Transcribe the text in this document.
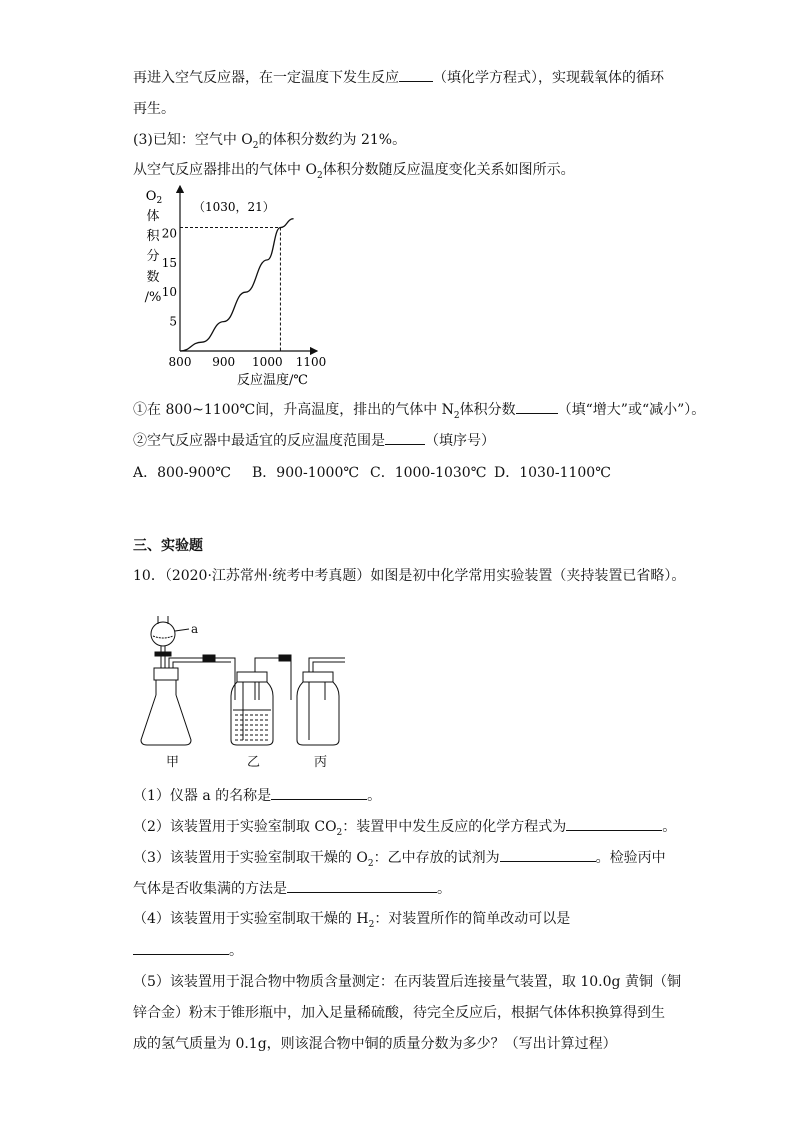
再进入空气反应器，在一定温度下发生反应 （填化学方程式），实现载氧体的循环
再生。
(3)已知：空气中 $O_2$的体积分数约为 21%。
从空气反应器排出的气体中 $O_2$体积分数随反应温度变化关系如图所示。
$O_2$
体
积
分
数
/%
800 900 1000 1100
5
10
15
20
（1030，21）
反应温度/℃
①在 800~1100℃间，升高温度，排出的气体中 $N_2$体积分数	（填“增大”或“减小”）。
②空气反应器中最适宜的反应温度范围是	（填序号）
A．800-900℃ B．900-1000℃ C．1000-1030℃ D．1030-1100℃
三、实验题
10．（2020·江苏常州·统考中考真题）如图是初中化学常用实验装置（夹持装置已省略）。
a
甲	乙	丙
（1）仪器 a 的名称是	。
（2）该装置用于实验室制取 $CO_2$：装置甲中发生反应的化学方程式为	。
（3）该装置用于实验室制取干燥的 $O_2$：乙中存放的试剂为	。检验丙中
气体是否收集满的方法是	。
（4）该装置用于实验室制取干燥的 $H_2$：对装置所作的简单改动可以是
。
（5）该装置用于混合物中物质含量测定：在丙装置后连接量气装置，取 10.0g 黄铜（铜
锌合金）粉末于锥形瓶中，加入足量稀硫酸，待完全反应后，根据气体体积换算得到生
成的氢气质量为 0.1g，则该混合物中铜的质量分数为多少？（写出计算过程）
